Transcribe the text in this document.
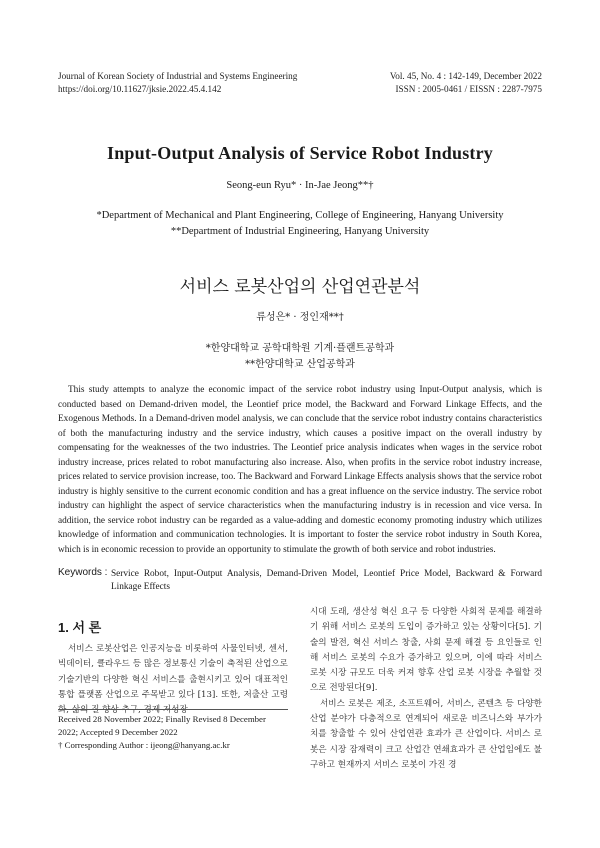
Journal of Korean Society of Industrial and Systems Engineering
https://doi.org/10.11627/jksie.2022.45.4.142
Vol. 45, No. 4 : 142-149, December 2022
ISSN : 2005-0461 / EISSN : 2287-7975
Input-Output Analysis of Service Robot Industry
Seong-eun Ryu* · In-Jae Jeong**†
*Department of Mechanical and Plant Engineering, College of Engineering, Hanyang University
**Department of Industrial Engineering, Hanyang University
서비스 로봇산업의 산업연관분석
류성은* · 정인재**†
*한양대학교 공학대학원 기계·플랜트공학과
**한양대학교 산업공학과
This study attempts to analyze the economic impact of the service robot industry using Input-Output analysis, which is conducted based on Demand-driven model, the Leontief price model, the Backward and Forward Linkage Effects, and the Exogenous Methods. In a Demand-driven model analysis, we can conclude that the service robot industry contains characteristics of both the manufacturing industry and the service industry, which causes a positive impact on the overall industry by compensating for the weaknesses of the two industries. The Leontief price analysis indicates when wages in the service robot industry increase, prices related to robot manufacturing also increase. Also, when profits in the service robot industry increase, prices related to service provision increase, too. The Backward and Forward Linkage Effects analysis shows that the service robot industry is highly sensitive to the current economic condition and has a great influence on the service industry. The service robot industry can highlight the aspect of service characteristics when the manufacturing industry is in recession and vice versa. In addition, the service robot industry can be regarded as a value-adding and domestic economy promoting industry which utilizes knowledge of information and communication technologies. It is important to foster the service robot industry in South Korea, which is in economic recession to provide an opportunity to stimulate the growth of both service and robot industries.
Keywords : Service Robot, Input-Output Analysis, Demand-Driven Model, Leontief Price Model, Backward & Forward Linkage Effects
1. 서 론

서비스 로봇산업은 인공지능을 비롯하여 사물인터넷, 센서, 빅데이터, 클라우드 등 많은 정보통신 기술이 축적된 산업으로 기술기반의 다양한 혁신 서비스를 출현시키고 있어 대표적인 통합 플랫폼 산업으로 주목받고 있다 [13]. 또한, 저출산 고령화, 삶의 질 향상 추구, 경제 저성장

Received 28 November 2022; Finally Revised 8 December 2022; Accepted 9 December 2022
† Corresponding Author : ijeong@hanyang.ac.kr

시대 도래, 생산성 혁신 요구 등 다양한 사회적 문제를 해결하기 위해 서비스 로봇의 도입이 증가하고 있는 상황이다[5]. 기술의 발전, 혁신 서비스 창출, 사회 문제 해결 등 요인들로 인해 서비스 로봇의 수요가 증가하고 있으며, 이에 따라 서비스 로봇 시장 규모도 더욱 커져 향후 산업 로봇 시장을 추월할 것으로 전망된다[9].

서비스 로봇은 제조, 소프트웨어, 서비스, 콘텐츠 등 다양한 산업 분야가 다층적으로 연계되어 새로운 비즈니스와 부가가치를 창출할 수 있어 산업연관 효과가 큰 산업이다. 서비스 로봇은 시장 잠재력이 크고 산업간 연쇄효과가 큰 산업임에도 불구하고 현재까지 서비스 로봇이 가진 경
